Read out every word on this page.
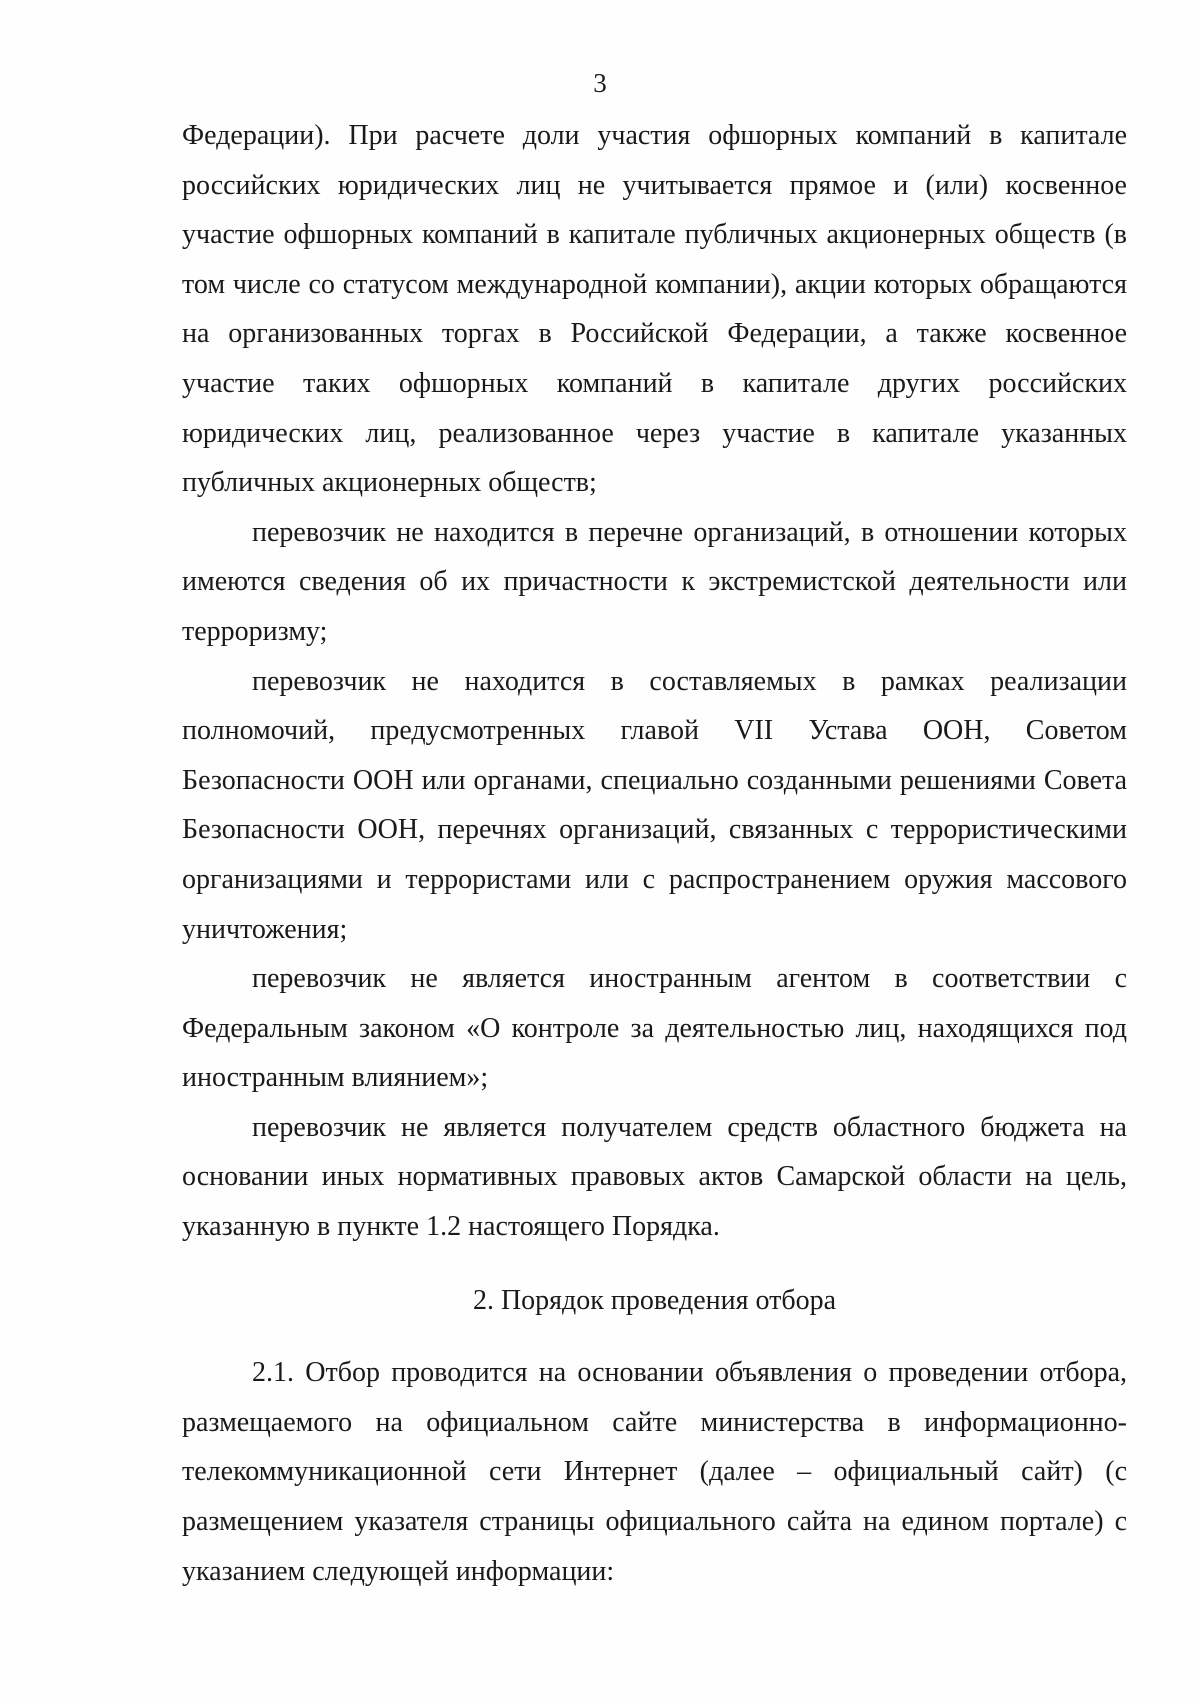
3

Федерации). При расчете доли участия офшорных компаний в капитале российских юридических лиц не учитывается прямое и (или) косвенное участие офшорных компаний в капитале публичных акционерных обществ (в том числе со статусом международной компании), акции которых обращаются на организованных торгах в Российской Федерации, а также косвенное участие таких офшорных компаний в капитале других российских юридических лиц, реализованное через участие в капитале указанных публичных акционерных обществ;

перевозчик не находится в перечне организаций, в отношении которых имеются сведения об их причастности к экстремистской деятельности или терроризму;

перевозчик не находится в составляемых в рамках реализации полномочий, предусмотренных главой VII Устава ООН, Советом Безопасности ООН или органами, специально созданными решениями Совета Безопасности ООН, перечнях организаций, связанных с террористическими организациями и террористами или с распространением оружия массового уничтожения;

перевозчик не является иностранным агентом в соответствии с Федеральным законом «О контроле за деятельностью лиц, находящихся под иностранным влиянием»;

перевозчик не является получателем средств областного бюджета на основании иных нормативных правовых актов Самарской области на цель, указанную в пункте 1.2 настоящего Порядка.

2. Порядок проведения отбора

2.1. Отбор проводится на основании объявления о проведении отбора, размещаемого на официальном сайте министерства в информационно-телекоммуникационной сети Интернет (далее – официальный сайт) (с размещением указателя страницы официального сайта на едином портале) с указанием следующей информации:
